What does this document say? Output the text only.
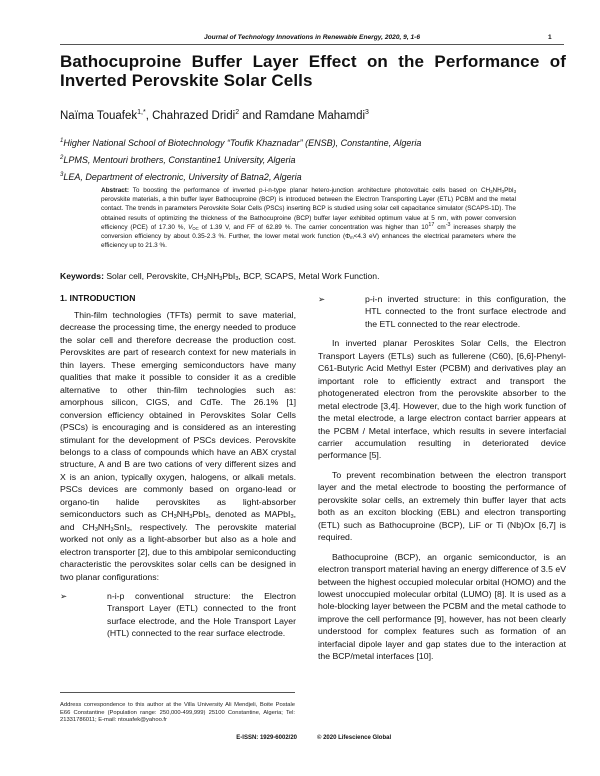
Journal of Technology Innovations in Renewable Energy, 2020, 9, 1-6	1
Bathocuproine Buffer Layer Effect on the Performance of Inverted Perovskite Solar Cells
Naïma Touafek$^{1,*}$, Chahrazed Dridi$^2$ and Ramdane Mahamdi$^3$
$^1$Higher National School of Biotechnology “Toufik Khaznadar” (ENSB), Constantine, Algeria
$^2$LPMS, Mentouri brothers, Constantine1 University, Algeria
$^3$LEA, Department of electronic, University of Batna2, Algeria
Abstract: To boosting the performance of inverted p-i-n-type planar hetero-junction architecture photovoltaic cells based on $CH_3NH_3PbI_3$ perovskite materials, a thin buffer layer Bathocuproine (BCP) is introduced between the Electron Transporting Layer (ETL) PCBM and the metal contact. The trends in parameters Perovskite Solar Cells (PSCs) inserting BCP is studied using solar cell capacitance simulator (SCAPS-1D). The obtained results of optimizing the thickness of the Bathocuproine (BCP) buffer layer exhibited optimum value at 5 nm, with power conversion efficiency (PCE) of 17.30 %, $V_{OC}$ of 1.39 V, and FF of 62.89 %. The carrier concentration was higher than $10^{17}$ $cm^{-3}$ increases sharply the conversion efficiency by about 0.35-2.3 %. Further, the lower metal work function ($\Phi_m<4.3$ eV) enhances the electrical parameters where the efficiency up to 21.3 %.
Keywords: Solar cell, Perovskite, $CH_3NH_3PbI_3$, BCP, SCAPS, Metal Work Function.
1. INTRODUCTION

Thin-film technologies (TFTs) permit to save material, decrease the processing time, the energy needed to produce the solar cell and therefore decrease the production cost. Perovskites are part of research context for new materials in thin layers. These emerging semiconductors have many qualities that make it possible to consider it as a credible alternative to other thin-film technologies such as: amorphous silicon, CIGS, and CdTe. The 26.1% [1] conversion efficiency obtained in Perovskites Solar Cells (PSCs) is encouraging and is considered as an interesting stimulant for the development of PSCs devices. Perovskite belongs to a class of compounds which have an ABX crystal structure, A and B are two cations of very different sizes and X is an anion, typically oxygen, halogens, or alkali metals. PSCs devices are commonly based on organo-lead or organo-tin halide perovskites as light-absorber semiconductors such as $CH_3NH_3PbI_3$, denoted as MAPbI$_3$, and $CH_3NH_3SnI_3$, respectively. The perovskite material worked not only as a light-absorber but also as a hole and electron transporter [2], due to this ambipolar semiconducting characteristic the perovskites solar cells can be designed in two planar configurations:

➢	n-i-p conventional structure: the Electron Transport Layer (ETL) connected to the front surface electrode, and the Hole Transport Layer (HTL) connected to the rear surface electrode.

➢	p-i-n inverted structure: in this configuration, the HTL connected to the front surface electrode and the ETL connected to the rear electrode.

In inverted planar Peroskites Solar Cells, the Electron Transport Layers (ETLs) such as fullerene (C60), [6,6]-Phenyl- C61-Butyric Acid Methyl Ester (PCBM) and derivatives play an important role to efficiently extract and transport the photogenerated electron from the perovskite absorber to the metal electrode [3,4]. However, due to the high work function of the metal electrode, a large electron contact barrier appears at the PCBM / Metal interface, which results in severe interfacial carrier accumulation resulting in deteriorated device performance [5].

To prevent recombination between the electron transport layer and the metal electrode to boosting the performance of perovskite solar cells, an extremely thin buffer layer that acts both as an exciton blocking (EBL) and electron transporting (ETL) such as Bathocuproine (BCP), LiF or Ti (Nb)Ox [6,7] is required.

Bathocuproine (BCP), an organic semiconductor, is an electron transport material having an energy difference of 3.5 eV between the highest occupied molecular orbital (HOMO) and the lowest unoccupied molecular orbital (LUMO) [8]. It is used as a hole-blocking layer between the PCBM and the metal cathode to improve the cell performance [9], however, has not been clearly understood for complex features such as formation of an interfacial dipole layer and gap states due to the interaction at the BCP/metal interfaces [10].

Address correspondence to this author at the Villa University Ali Mendjeli, Boite Postale E66 Constantine (Population range: 250,000-499,999) 25100 Constantine, Algeria; Tel: 21331786011; E-mail: ntouafek@yahoo.fr
E-ISSN: 1929-6002/20	© 2020 Lifescience Global
